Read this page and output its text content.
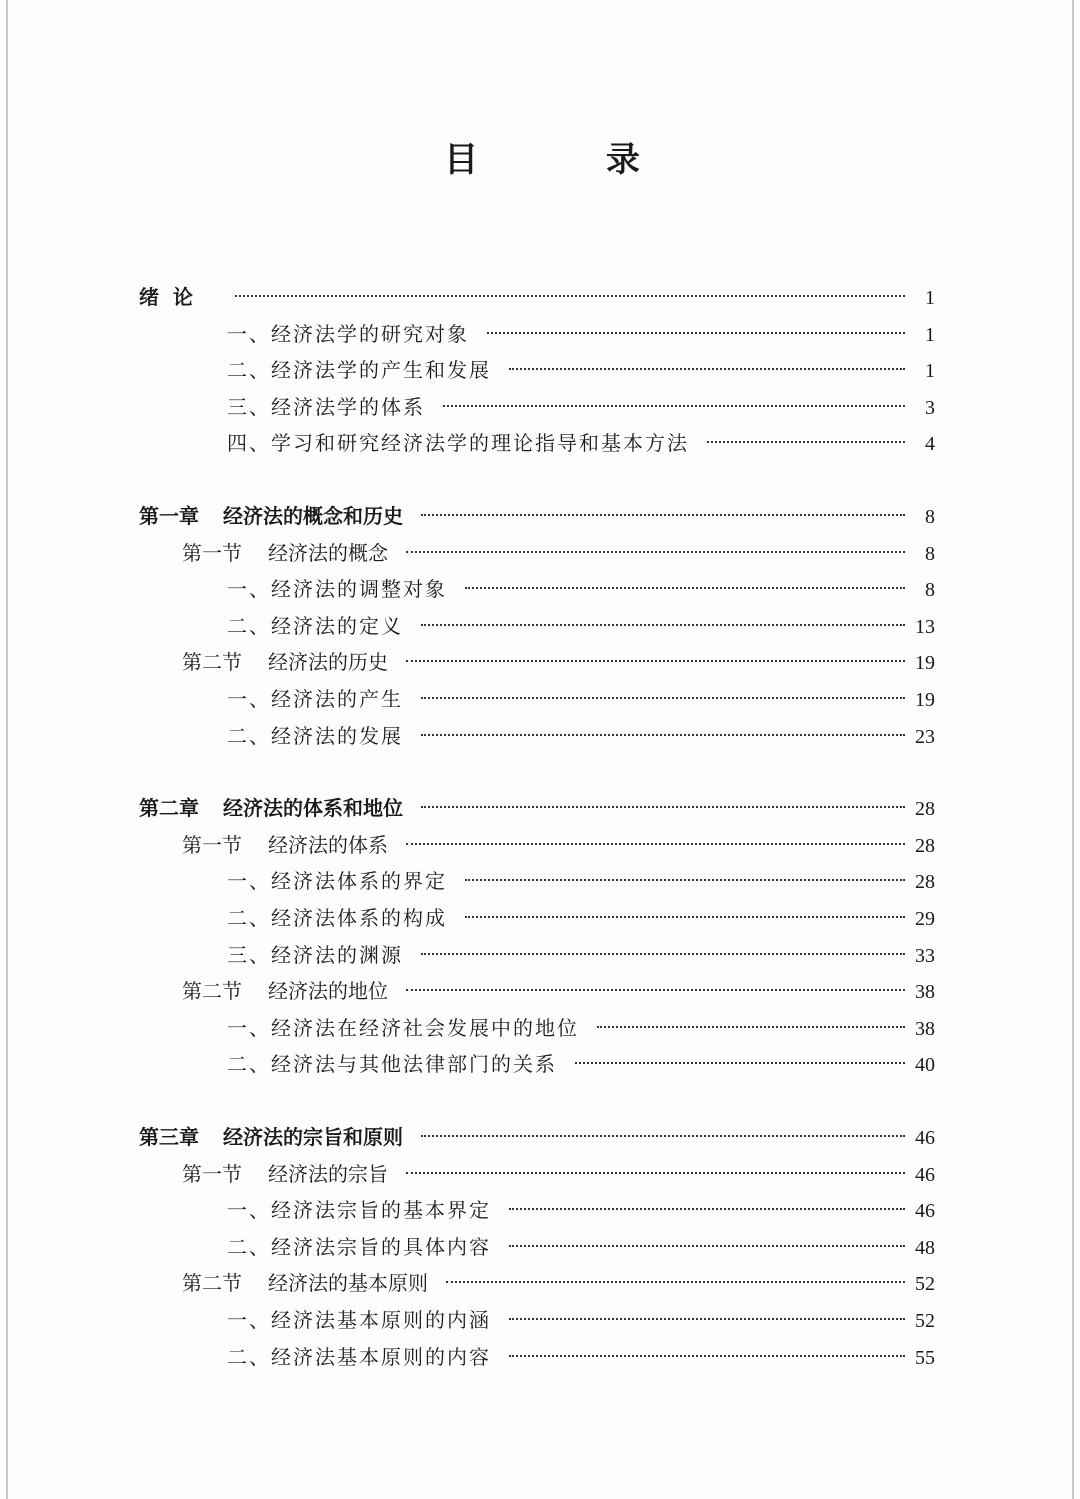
目 录
绪  论	1
一、经济法学的研究对象	1
二、经济法学的产生和发展	1
三、经济法学的体系	3
四、学习和研究经济法学的理论指导和基本方法	4
第一章 经济法的概念和历史	8
第一节 经济法的概念	8
一、经济法的调整对象	8
二、经济法的定义	13
第二节 经济法的历史	19
一、经济法的产生	19
二、经济法的发展	23
第二章 经济法的体系和地位	28
第一节 经济法的体系	28
一、经济法体系的界定	28
二、经济法体系的构成	29
三、经济法的渊源	33
第二节 经济法的地位	38
一、经济法在经济社会发展中的地位	38
二、经济法与其他法律部门的关系	40
第三章 经济法的宗旨和原则	46
第一节 经济法的宗旨	46
一、经济法宗旨的基本界定	46
二、经济法宗旨的具体内容	48
第二节 经济法的基本原则	52
一、经济法基本原则的内涵	52
二、经济法基本原则的内容	55
